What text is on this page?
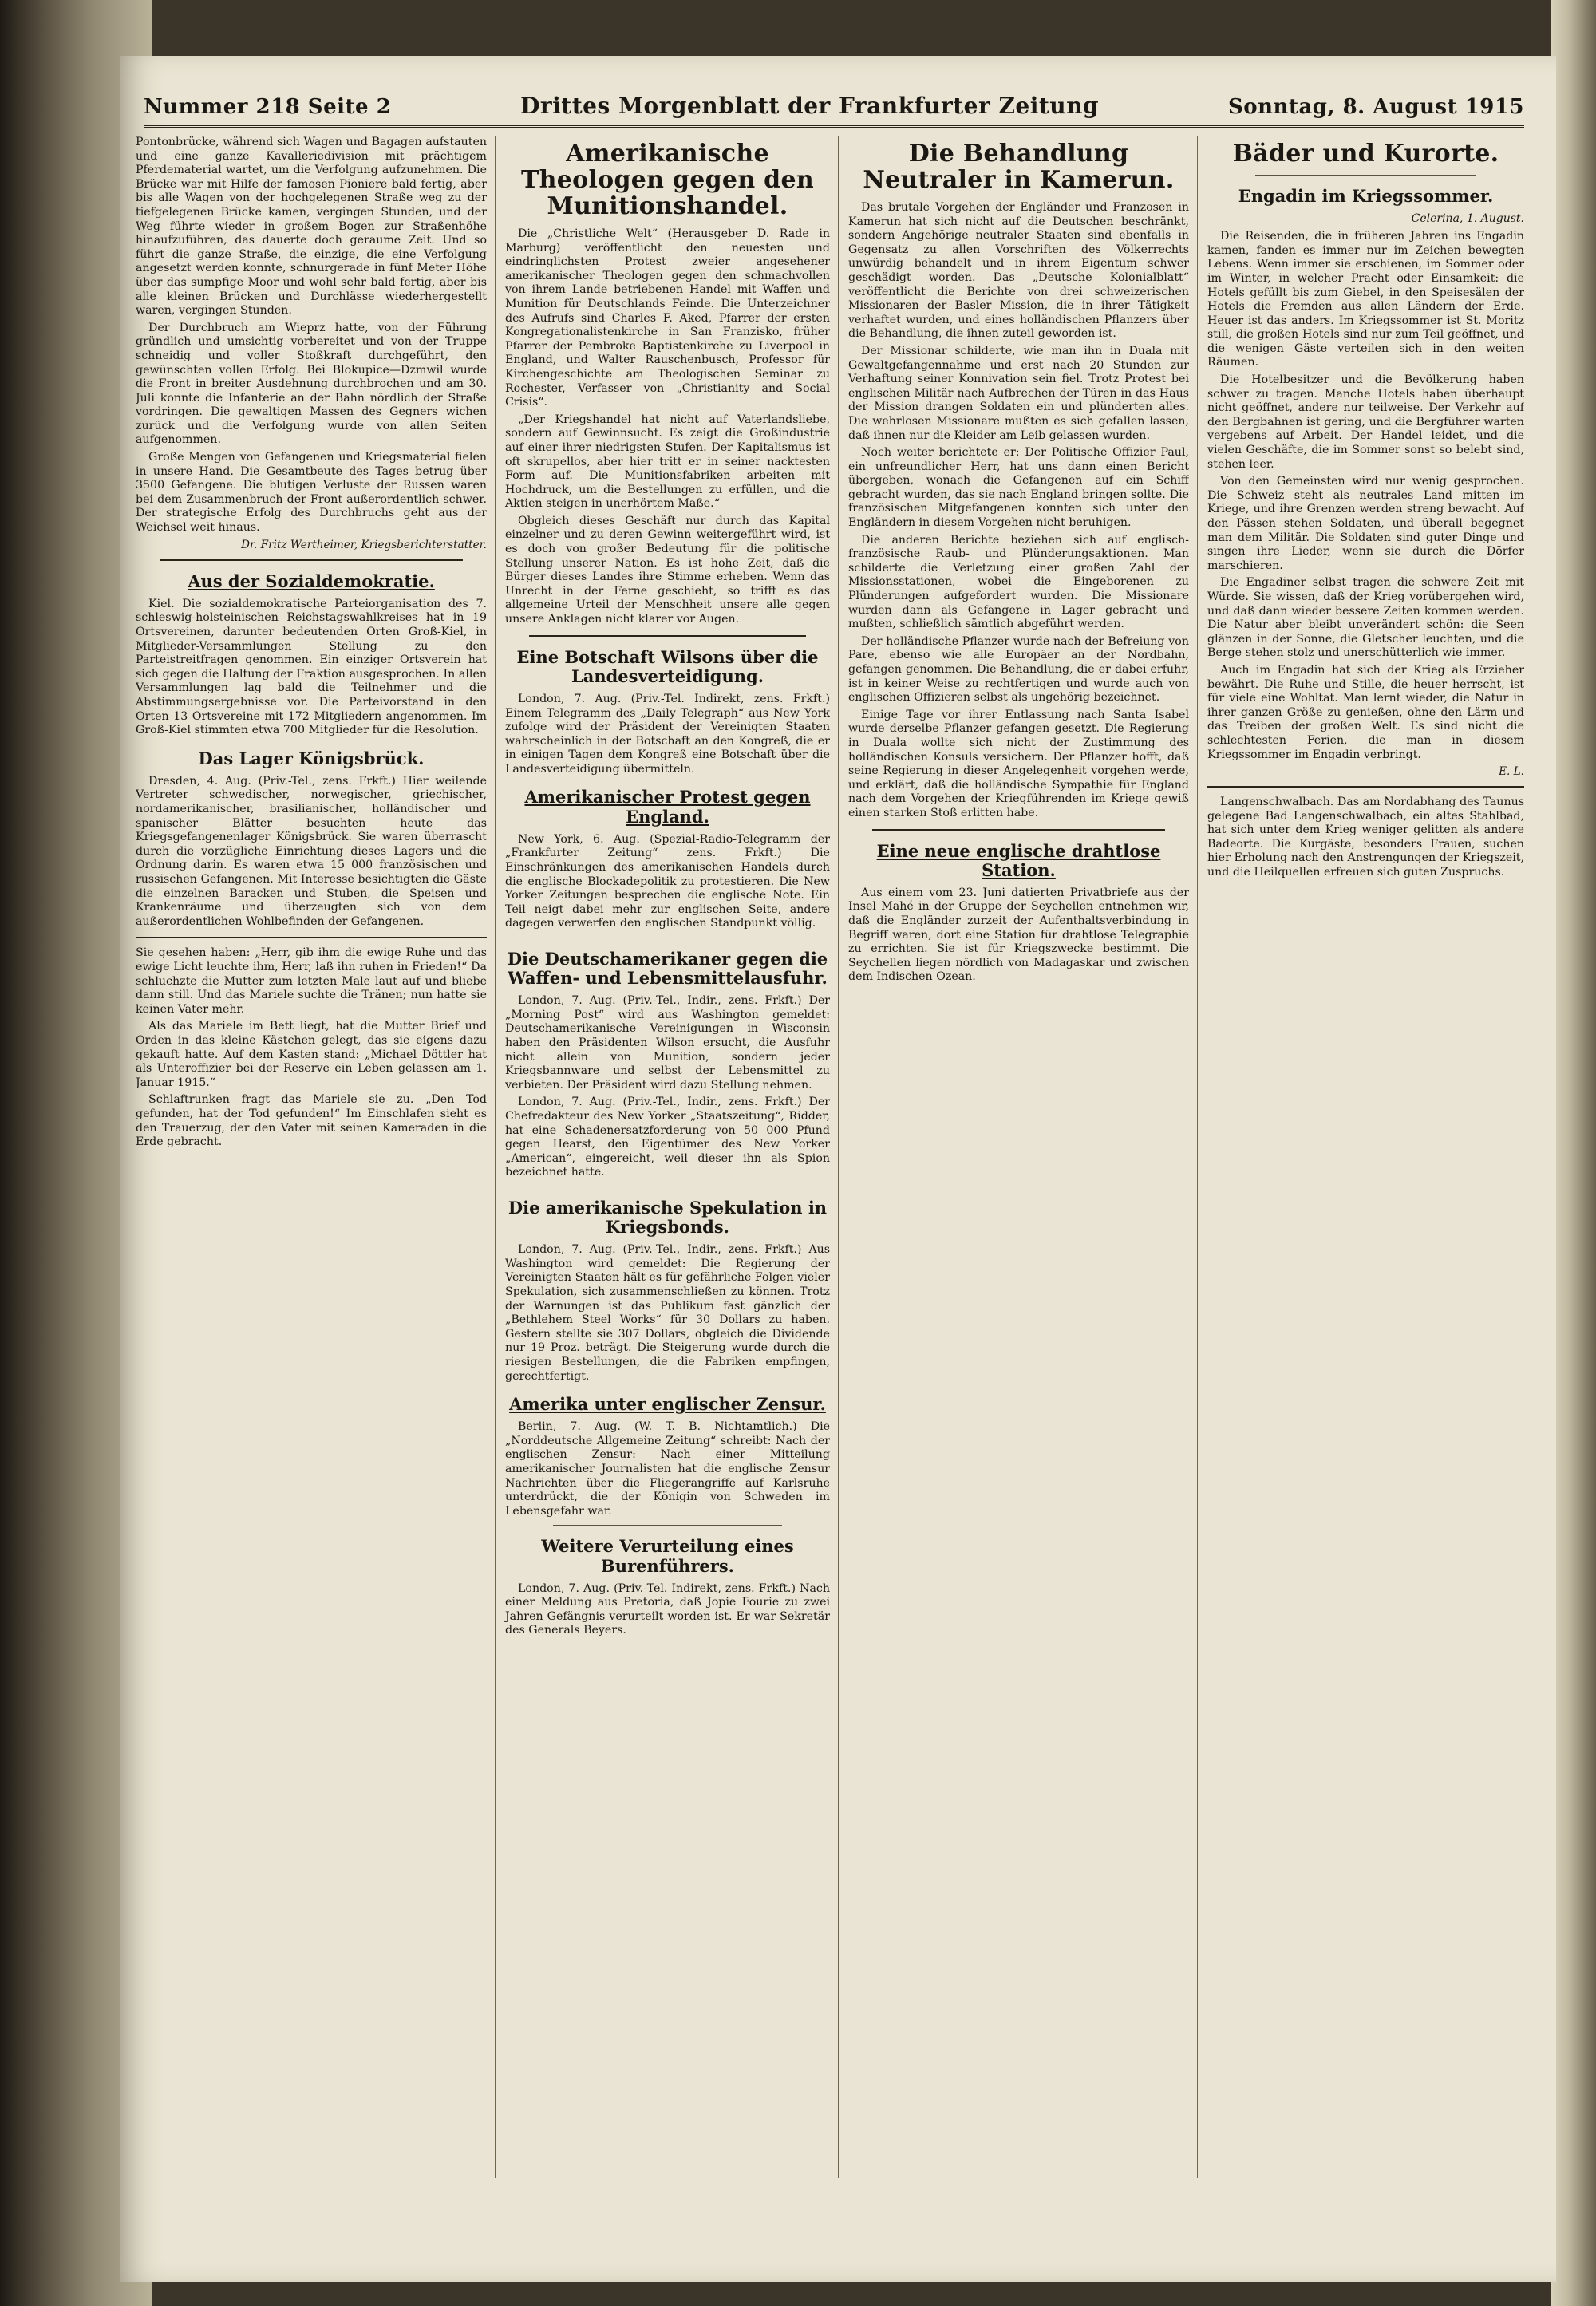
Nummer 218 Seite 2	Drittes Morgenblatt der Frankfurter Zeitung	Sonntag, 8. August 1915

Pontonbrücke, während sich Wagen und Bagagen aufstauten und eine ganze Kavalleriedivision mit prächtigem Pferdematerial wartet, um die Verfolgung aufzunehmen. Die Brücke war mit Hilfe der famosen Pioniere bald fertig, aber bis alle Wagen von der hochgelegenen Straße weg zu der tiefgelegenen Brücke kamen, vergingen Stunden, und der Weg führte wieder in großem Bogen zur Straßenhöhe hinaufzuführen, das dauerte doch geraume Zeit. Und so führt die ganze Straße, die einzige, die eine Verfolgung angesetzt werden konnte, schnurgerade in fünf Meter Höhe über das sumpfige Moor und wohl sehr bald fertig, aber bis alle kleinen Brücken und Durchlässe wiederhergestellt waren, vergingen Stunden.

Der Durchbruch am Wieprz hatte, von der Führung gründlich und umsichtig vorbereitet und von der Truppe schneidig und voller Stoßkraft durchgeführt, den gewünschten vollen Erfolg. Bei Blokupice—Dzmwil wurde die Front in breiter Ausdehnung durchbrochen und am 30. Juli konnte die Infanterie an der Bahn nördlich der Straße vordringen. Die gewaltigen Massen des Gegners wichen zurück und die Verfolgung wurde von allen Seiten aufgenommen.

Große Mengen von Gefangenen und Kriegsmaterial fielen in unsere Hand. Die Gesamtbeute des Tages betrug über 3500 Gefangene. Die blutigen Verluste der Russen waren bei dem Zusammenbruch der Front außerordentlich schwer. Der strategische Erfolg des Durchbruchs geht aus der Weichsel weit hinaus.

Dr. Fritz Wertheimer, Kriegsberichterstatter.
Aus der Sozialdemokratie.

Kiel. Die sozialdemokratische Parteiorganisation des 7. schleswig-holsteinischen Reichstagswahlkreises hat in 19 Ortsvereinen, darunter bedeutenden Orten Groß-Kiel, in Mitglieder-Versammlungen Stellung zu den Parteistreitfragen genommen. Ein einziger Ortsverein hat sich gegen die Haltung der Fraktion ausgesprochen. In allen Versammlungen lag bald die Teilnehmer und die Abstimmungsergebnisse vor. Die Parteivorstand in den Orten 13 Ortsvereine mit 172 Mitgliedern angenommen. Im Groß-Kiel stimmten etwa 700 Mitglieder für die Resolution.

Das Lager Königsbrück.

Dresden, 4. Aug. (Priv.-Tel., zens. Frkft.) Hier weilende Vertreter schwedischer, norwegischer, griechischer, nordamerikanischer, brasilianischer, holländischer und spanischer Blätter besuchten heute das Kriegsgefangenenlager Königsbrück. Sie waren überrascht durch die vorzügliche Einrichtung dieses Lagers und die Ordnung darin. Es waren etwa 15 000 französischen und russischen Gefangenen. Mit Interesse besichtigten die Gäste die einzelnen Baracken und Stuben, die Speisen und Krankenräume und überzeugten sich von dem außerordentlichen Wohlbefinden der Gefangenen.

Sie gesehen haben: „Herr, gib ihm die ewige Ruhe und das ewige Licht leuchte ihm, Herr, laß ihn ruhen in Frieden!“ Da schluchzte die Mutter zum letzten Male laut auf und bliebe dann still. Und das Mariele suchte die Tränen; nun hatte sie keinen Vater mehr.

Als das Mariele im Bett liegt, hat die Mutter Brief und Orden in das kleine Kästchen gelegt, das sie eigens dazu gekauft hatte. Auf dem Kasten stand: „Michael Döttler hat als Unteroffizier bei der Reserve ein Leben gelassen am 1. Januar 1915.“

Schlaftrunken fragt das Mariele sie zu. „Den Tod gefunden, hat der Tod gefunden!“ Im Einschlafen sieht es den Trauerzug, der den Vater mit seinen Kameraden in die Erde gebracht.

Amerikanische Theologen gegen den Munitionshandel.

Die „Christliche Welt“ (Herausgeber D. Rade in Marburg) veröffentlicht den neuesten und eindringlichsten Protest zweier angesehener amerikanischer Theologen gegen den schmachvollen von ihrem Lande betriebenen Handel mit Waffen und Munition für Deutschlands Feinde. Die Unterzeichner des Aufrufs sind Charles F. Aked, Pfarrer der ersten Kongregationalistenkirche in San Franzisko, früher Pfarrer der Pembroke Baptistenkirche zu Liverpool in England, und Walter Rauschenbusch, Professor für Kirchengeschichte am Theologischen Seminar zu Rochester, Verfasser von „Christianity and Social Crisis“.

„Der Kriegshandel hat nicht auf Vaterlandsliebe, sondern auf Gewinnsucht. Es zeigt die Großindustrie auf einer ihrer niedrigsten Stufen. Der Kapitalismus ist oft skrupellos, aber hier tritt er in seiner nacktesten Form auf. Die Munitionsfabriken arbeiten mit Hochdruck, um die Bestellungen zu erfüllen, und die Aktien steigen in unerhörtem Maße.“

Obgleich dieses Geschäft nur durch das Kapital einzelner und zu deren Gewinn weitergeführt wird, ist es doch von großer Bedeutung für die politische Stellung unserer Nation. Es ist hohe Zeit, daß die Bürger dieses Landes ihre Stimme erheben. Wenn das Unrecht in der Ferne geschieht, so trifft es das allgemeine Urteil der Menschheit unsere alle gegen unsere Anklagen nicht klarer vor Augen.

Eine Botschaft Wilsons über die Landesverteidigung.

London, 7. Aug. (Priv.-Tel. Indirekt, zens. Frkft.) Einem Telegramm des „Daily Telegraph“ aus New York zufolge wird der Präsident der Vereinigten Staaten wahrscheinlich in der Botschaft an den Kongreß, die er in einigen Tagen dem Kongreß eine Botschaft über die Landesverteidigung übermitteln.

Amerikanischer Protest gegen England.

New York, 6. Aug. (Spezial-Radio-Telegramm der „Frankfurter Zeitung“ zens. Frkft.) Die Einschränkungen des amerikanischen Handels durch die englische Blockadepolitik zu protestieren. Die New Yorker Zeitungen besprechen die englische Note. Ein Teil neigt dabei mehr zur englischen Seite, andere dagegen verwerfen den englischen Standpunkt völlig.

Die Deutschamerikaner gegen die Waffen- und Lebensmittelausfuhr.

London, 7. Aug. (Priv.-Tel., Indir., zens. Frkft.) Der „Morning Post“ wird aus Washington gemeldet: Deutschamerikanische Vereinigungen in Wisconsin haben den Präsidenten Wilson ersucht, die Ausfuhr nicht allein von Munition, sondern jeder Kriegsbannware und selbst der Lebensmittel zu verbieten. Der Präsident wird dazu Stellung nehmen.

London, 7. Aug. (Priv.-Tel., Indir., zens. Frkft.) Der Chefredakteur des New Yorker „Staatszeitung“, Ridder, hat eine Schadenersatzforderung von 50 000 Pfund gegen Hearst, den Eigentümer des New Yorker „American“, eingereicht, weil dieser ihn als Spion bezeichnet hatte.

Die amerikanische Spekulation in Kriegsbonds.

London, 7. Aug. (Priv.-Tel., Indir., zens. Frkft.) Aus Washington wird gemeldet: Die Regierung der Vereinigten Staaten hält es für gefährliche Folgen vieler Spekulation, sich zusammenschließen zu können. Trotz der Warnungen ist das Publikum fast gänzlich der „Bethlehem Steel Works“ für 30 Dollars zu haben. Gestern stellte sie 307 Dollars, obgleich die Dividende nur 19 Proz. beträgt. Die Steigerung wurde durch die riesigen Bestellungen, die die Fabriken empfingen, gerechtfertigt.

Amerika unter englischer Zensur.

Berlin, 7. Aug. (W. T. B. Nichtamtlich.) Die „Norddeutsche Allgemeine Zeitung“ schreibt: Nach der englischen Zensur: Nach einer Mitteilung amerikanischer Journalisten hat die englische Zensur Nachrichten über die Fliegerangriffe auf Karlsruhe unterdrückt, die der Königin von Schweden im Lebensgefahr war.

Weitere Verurteilung eines Burenführers.

London, 7. Aug. (Priv.-Tel. Indirekt, zens. Frkft.) Nach einer Meldung aus Pretoria, daß Jopie Fourie zu zwei Jahren Gefängnis verurteilt worden ist. Er war Sekretär des Generals Beyers.

Die Behandlung Neutraler in Kamerun.

Das brutale Vorgehen der Engländer und Franzosen in Kamerun hat sich nicht auf die Deutschen beschränkt, sondern Angehörige neutraler Staaten sind ebenfalls in Gegensatz zu allen Vorschriften des Völkerrechts unwürdig behandelt und in ihrem Eigentum schwer geschädigt worden. Das „Deutsche Kolonialblatt“ veröffentlicht die Berichte von drei schweizerischen Missionaren der Basler Mission, die in ihrer Tätigkeit verhaftet wurden, und eines holländischen Pflanzers über die Behandlung, die ihnen zuteil geworden ist.

Der Missionar schilderte, wie man ihn in Duala mit Gewaltgefangennahme und erst nach 20 Stunden zur Verhaftung seiner Konnivation sein fiel. Trotz Protest bei englischen Militär nach Aufbrechen der Türen in das Haus der Mission drangen Soldaten ein und plünderten alles. Die wehrlosen Missionare mußten es sich gefallen lassen, daß ihnen nur die Kleider am Leib gelassen wurden.

Noch weiter berichtete er: Der Politische Offizier Paul, ein unfreundlicher Herr, hat uns dann einen Bericht übergeben, wonach die Gefangenen auf ein Schiff gebracht wurden, das sie nach England bringen sollte. Die französischen Mitgefangenen konnten sich unter den Engländern in diesem Vorgehen nicht beruhigen.

Die anderen Berichte beziehen sich auf englisch-französische Raub- und Plünderungsaktionen. Man schilderte die Verletzung einer großen Zahl der Missionsstationen, wobei die Eingeborenen zu Plünderungen aufgefordert wurden. Die Missionare wurden dann als Gefangene in Lager gebracht und mußten, schließlich sämtlich abgeführt werden.

Der holländische Pflanzer wurde nach der Befreiung von Pare, ebenso wie alle Europäer an der Nordbahn, gefangen genommen. Die Behandlung, die er dabei erfuhr, ist in keiner Weise zu rechtfertigen und wurde auch von englischen Offizieren selbst als ungehörig bezeichnet.

Einige Tage vor ihrer Entlassung nach Santa Isabel wurde derselbe Pflanzer gefangen gesetzt. Die Regierung in Duala wollte sich nicht der Zustimmung des holländischen Konsuls versichern. Der Pflanzer hofft, daß seine Regierung in dieser Angelegenheit vorgehen werde, und erklärt, daß die holländische Sympathie für England nach dem Vorgehen der Kriegführenden im Kriege gewiß einen starken Stoß erlitten habe.

Eine neue englische drahtlose Station.

Aus einem vom 23. Juni datierten Privatbriefe aus der Insel Mahé in der Gruppe der Seychellen entnehmen wir, daß die Engländer zurzeit der Aufenthaltsverbindung in Begriff waren, dort eine Station für drahtlose Telegraphie zu errichten. Sie ist für Kriegszwecke bestimmt. Die Seychellen liegen nördlich von Madagaskar und zwischen dem Indischen Ozean.

Bäder und Kurorte.
Engadin im Kriegssommer.
Celerina, 1. August.

Die Reisenden, die in früheren Jahren ins Engadin kamen, fanden es immer nur im Zeichen bewegten Lebens. Wenn immer sie erschienen, im Sommer oder im Winter, in welcher Pracht oder Einsamkeit: die Hotels gefüllt bis zum Giebel, in den Speisesälen der Hotels die Fremden aus allen Ländern der Erde. Heuer ist das anders. Im Kriegssommer ist St. Moritz still, die großen Hotels sind nur zum Teil geöffnet, und die wenigen Gäste verteilen sich in den weiten Räumen.

Die Hotelbesitzer und die Bevölkerung haben schwer zu tragen. Manche Hotels haben überhaupt nicht geöffnet, andere nur teilweise. Der Verkehr auf den Bergbahnen ist gering, und die Bergführer warten vergebens auf Arbeit. Der Handel leidet, und die vielen Geschäfte, die im Sommer sonst so belebt sind, stehen leer.

Von den Gemeinsten wird nur wenig gesprochen. Die Schweiz steht als neutrales Land mitten im Kriege, und ihre Grenzen werden streng bewacht. Auf den Pässen stehen Soldaten, und überall begegnet man dem Militär. Die Soldaten sind guter Dinge und singen ihre Lieder, wenn sie durch die Dörfer marschieren.

Die Engadiner selbst tragen die schwere Zeit mit Würde. Sie wissen, daß der Krieg vorübergehen wird, und daß dann wieder bessere Zeiten kommen werden. Die Natur aber bleibt unverändert schön: die Seen glänzen in der Sonne, die Gletscher leuchten, und die Berge stehen stolz und unerschütterlich wie immer.

Auch im Engadin hat sich der Krieg als Erzieher bewährt. Die Ruhe und Stille, die heuer herrscht, ist für viele eine Wohltat. Man lernt wieder, die Natur in ihrer ganzen Größe zu genießen, ohne den Lärm und das Treiben der großen Welt. Es sind nicht die schlechtesten Ferien, die man in diesem Kriegssommer im Engadin verbringt.

E. L.

Langenschwalbach. Das am Nordabhang des Taunus gelegene Bad Langenschwalbach, ein altes Stahlbad, hat sich unter dem Krieg weniger gelitten als andere Badeorte. Die Kurgäste, besonders Frauen, suchen hier Erholung nach den Anstrengungen der Kriegszeit, und die Heilquellen erfreuen sich guten Zuspruchs.
